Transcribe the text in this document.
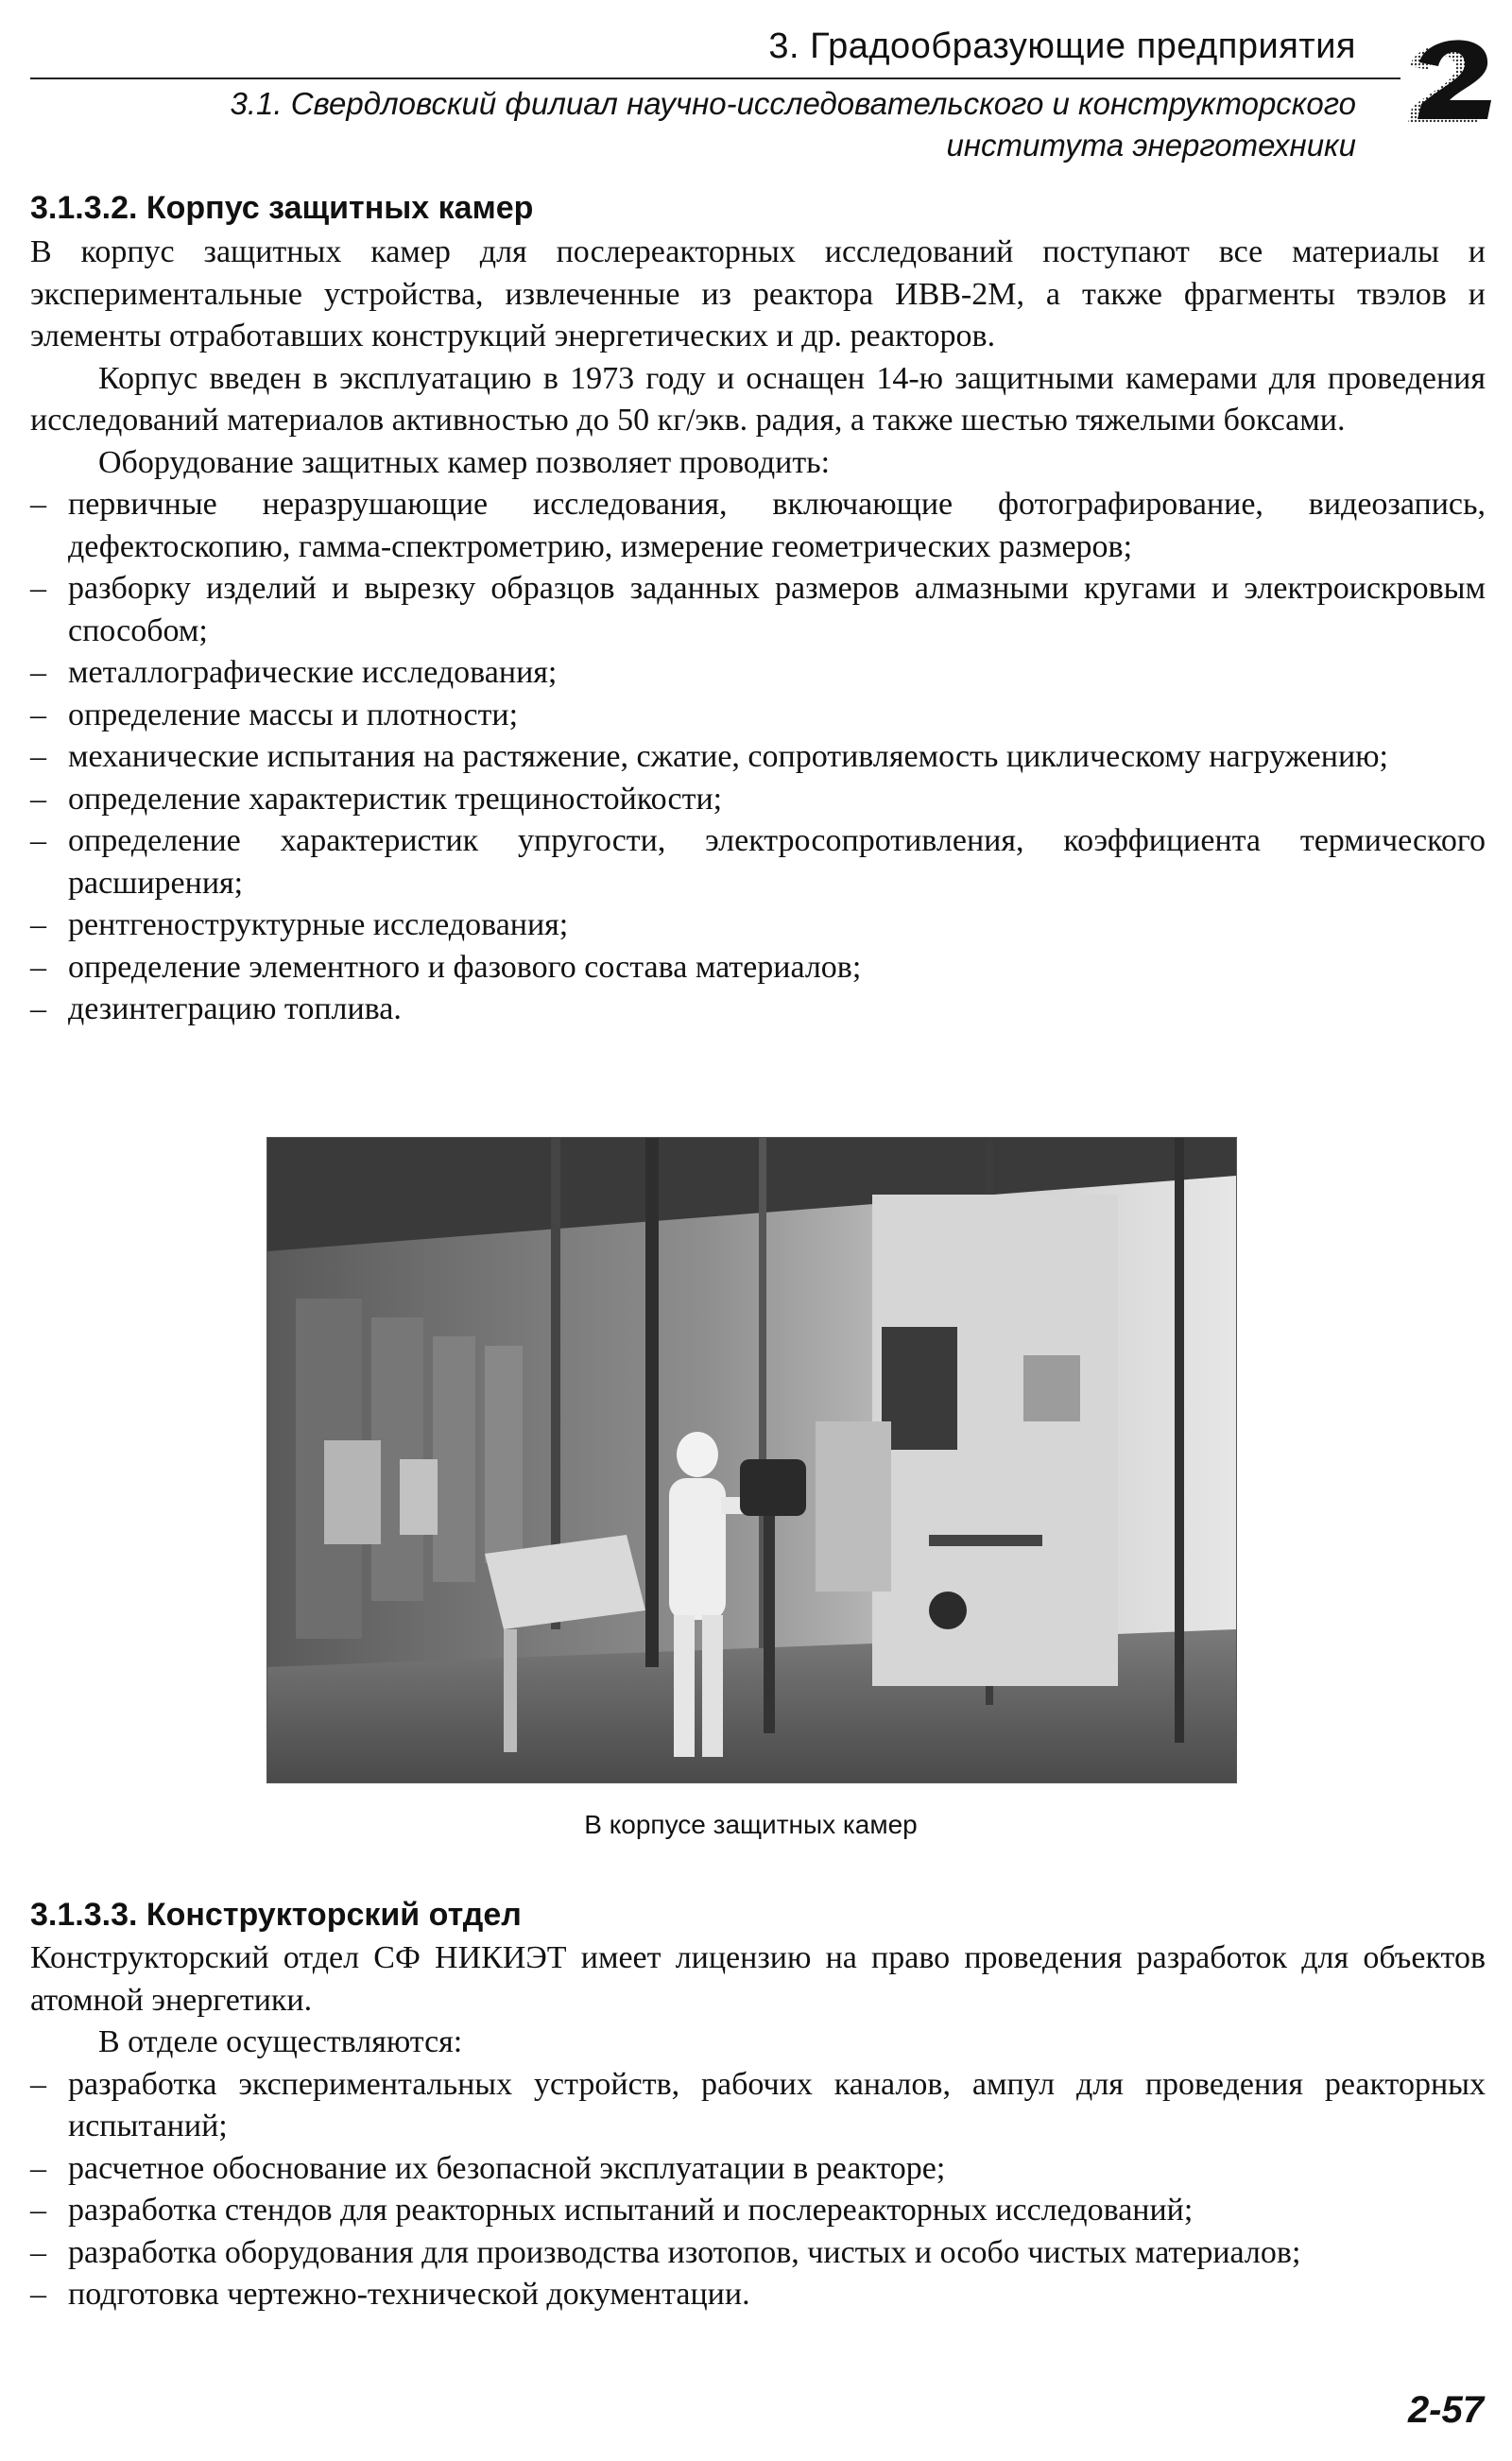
3. Градообразующие предприятия
3.1. Свердловский филиал научно-исследовательского и конструкторского
института энерготехники
3.1.3.2. Корпус защитных камер

В корпус защитных камер для послереакторных исследований поступают все материалы и экспериментальные устройства, извлеченные из реактора ИВВ-2М, а также фрагменты твэлов и элементы отработавших конструкций энергетических и др. реакторов.

Корпус введен в эксплуатацию в 1973 году и оснащен 14-ю защитными камерами для проведения исследований материалов активностью до 50 кг/экв. радия, а также шестью тяжелыми боксами.

Оборудование защитных камер позволяет проводить:

– первичные неразрушающие исследования, включающие фотографирование, видеозапись, дефектоскопию, гамма-спектрометрию, измерение геометрических размеров;
– разборку изделий и вырезку образцов заданных размеров алмазными кругами и электроискровым способом;
– металлографические исследования;
– определение массы и плотности;
– механические испытания на растяжение, сжатие, сопротивляемость циклическому нагружению;
– определение характеристик трещиностойкости;
– определение характеристик упругости, электросопротивления, коэффициента термического расширения;
– рентгеноструктурные исследования;
– определение элементного и фазового состава материалов;
– дезинтеграцию топлива.
В корпусе защитных камер
3.1.3.3. Конструкторский отдел

Конструкторский отдел СФ НИКИЭТ имеет лицензию на право проведения разработок для объектов атомной энергетики.

В отделе осуществляются:

– разработка экспериментальных устройств, рабочих каналов, ампул для проведения реакторных испытаний;
– расчетное обоснование их безопасной эксплуатации в реакторе;
– разработка стендов для реакторных испытаний и послереакторных исследований;
– разработка оборудования для производства изотопов, чистых и особо чистых материалов;
– подготовка чертежно-технической документации.
2-57
